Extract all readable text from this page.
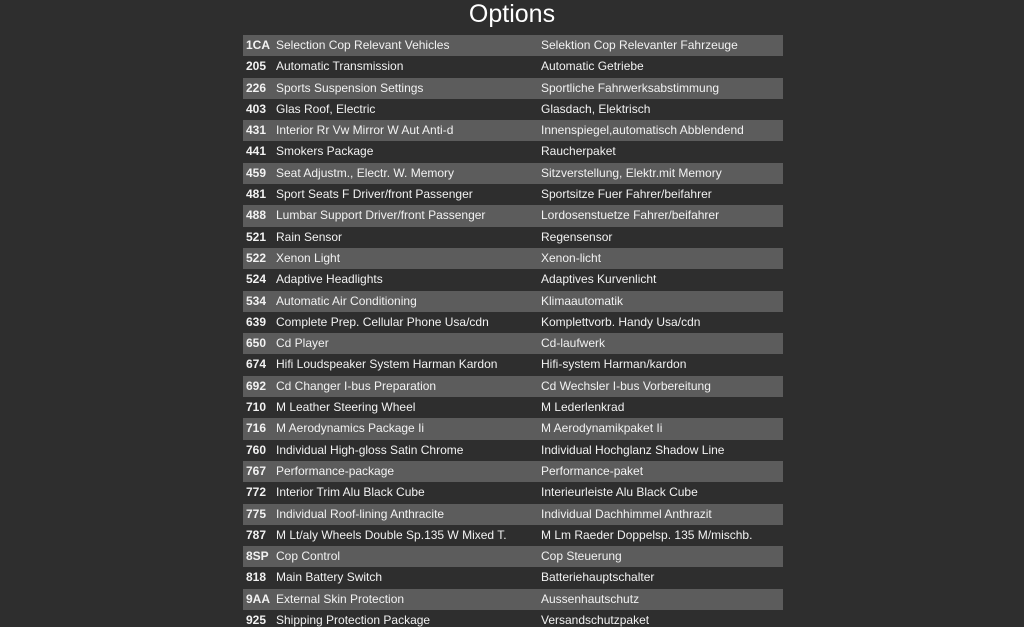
Options
1CA	Selection Cop Relevant Vehicles	Selektion Cop Relevanter Fahrzeuge
205	Automatic Transmission	Automatic Getriebe
226	Sports Suspension Settings	Sportliche Fahrwerksabstimmung
403	Glas Roof, Electric	Glasdach, Elektrisch
431	Interior Rr Vw Mirror W Aut Anti-d	Innenspiegel,automatisch Abblendend
441	Smokers Package	Raucherpaket
459	Seat Adjustm., Electr. W. Memory	Sitzverstellung, Elektr.mit Memory
481	Sport Seats F Driver/front Passenger	Sportsitze Fuer Fahrer/beifahrer
488	Lumbar Support Driver/front Passenger	Lordosenstuetze Fahrer/beifahrer
521	Rain Sensor	Regensensor
522	Xenon Light	Xenon-licht
524	Adaptive Headlights	Adaptives Kurvenlicht
534	Automatic Air Conditioning	Klimaautomatik
639	Complete Prep. Cellular Phone Usa/cdn	Komplettvorb. Handy Usa/cdn
650	Cd Player	Cd-laufwerk
674	Hifi Loudspeaker System Harman Kardon	Hifi-system Harman/kardon
692	Cd Changer I-bus Preparation	Cd Wechsler I-bus Vorbereitung
710	M Leather Steering Wheel	M Lederlenkrad
716	M Aerodynamics Package Ii	M Aerodynamikpaket Ii
760	Individual High-gloss Satin Chrome	Individual Hochglanz Shadow Line
767	Performance-package	Performance-paket
772	Interior Trim Alu Black Cube	Interieurleiste Alu Black Cube
775	Individual Roof-lining Anthracite	Individual Dachhimmel Anthrazit
787	M Lt/aly Wheels Double Sp.135 W Mixed T.	M Lm Raeder Doppelsp. 135 M/mischb.
8SP	Cop Control	Cop Steuerung
818	Main Battery Switch	Batteriehauptschalter
9AA	External Skin Protection	Aussenhautschutz
925	Shipping Protection Package	Versandschutzpaket
